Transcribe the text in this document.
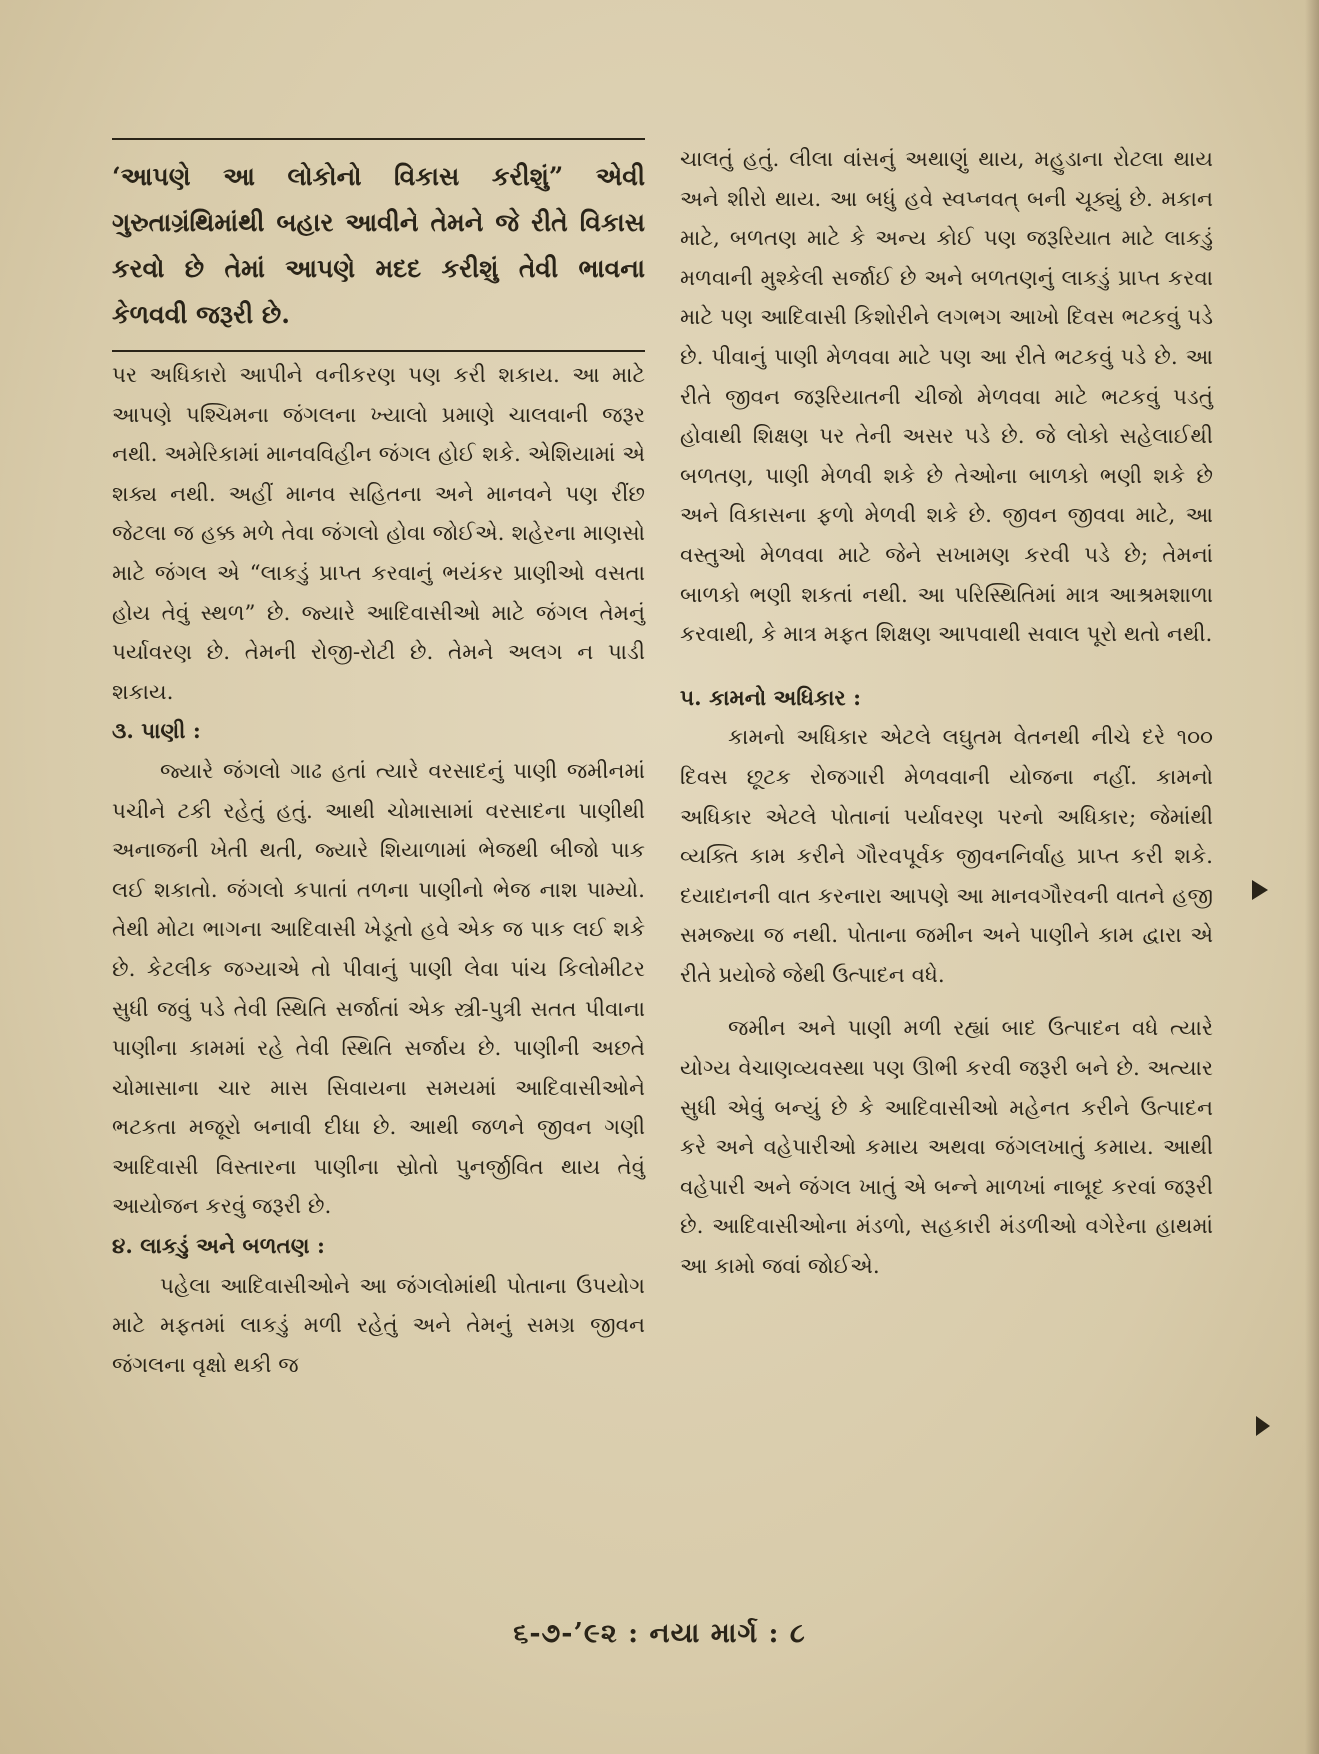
‘આપણે આ લોકોનો વિકાસ કરીશું” એવી ગુરુતાગ્રંથિમાંથી બહાર આવીને તેમને જે રીતે વિકાસ કરવો છે તેમાં આપણે મદદ કરીશું તેવી ભાવના કેળવવી જરૂરી છે.

પર અધિકારો આપીને વનીકરણ પણ કરી શકાય. આ માટે આપણે પશ્ચિમના જંગલના ખ્યાલો પ્રમાણે ચાલવાની જરૂર નથી. અમેરિકામાં માનવવિહીન જંગલ હોઈ શકે. એશિયામાં એ શક્ય નથી. અહીં માનવ સહિતના અને માનવને પણ રીંછ જેટલા જ હક્ક મળે તેવા જંગલો હોવા જોઈએ. શહેરના માણસો માટે જંગલ એ “લાકડું પ્રાપ્ત કરવાનું ભયંકર પ્રાણીઓ વસતા હોય તેવું સ્થળ” છે. જ્યારે આદિવાસીઓ માટે જંગલ તેમનું પર્યાવરણ છે. તેમની રોજી-રોટી છે. તેમને અલગ ન પાડી શકાય.

૩. પાણી :

જ્યારે જંગલો ગાઢ હતાં ત્યારે વરસાદનું પાણી જમીનમાં પચીને ટકી રહેતું હતું. આથી ચોમાસામાં વરસાદના પાણીથી અનાજની ખેતી થતી, જ્યારે શિયાળામાં ભેજથી બીજો પાક લઈ શકાતો. જંગલો કપાતાં તળના પાણીનો ભેજ નાશ પામ્યો. તેથી મોટા ભાગના આદિવાસી ખેડૂતો હવે એક જ પાક લઈ શકે છે. કેટલીક જગ્યાએ તો પીવાનું પાણી લેવા પાંચ કિલોમીટર સુધી જવું પડે તેવી સ્થિતિ સર્જાતાં એક સ્ત્રી-પુત્રી સતત પીવાના પાણીના કામમાં રહે તેવી સ્થિતિ સર્જાય છે. પાણીની અછતે ચોમાસાના ચાર માસ સિવાયના સમયમાં આદિવાસીઓને ભટકતા મજૂરો બનાવી દીધા છે. આથી જળને જીવન ગણી આદિવાસી વિસ્તારના પાણીના સ્રોતો પુનર્જીવિત થાય તેવું આયોજન કરવું જરૂરી છે.

૪. લાકડું અને બળતણ :

પહેલા આદિવાસીઓને આ જંગલોમાંથી પોતાના ઉપયોગ માટે મફતમાં લાકડું મળી રહેતું અને તેમનું સમગ્ર જીવન જંગલના વૃક્ષો થકી જ

ચાલતું હતું. લીલા વાંસનું અથાણું થાય, મહુડાના રોટલા થાય અને શીરો થાય. આ બધું હવે સ્વપ્નવત્ બની ચૂક્યું છે. મકાન માટે, બળતણ માટે કે અન્ય કોઈ પણ જરૂરિયાત માટે લાકડું મળવાની મુશ્કેલી સર્જાઈ છે અને બળતણનું લાકડું પ્રાપ્ત કરવા માટે પણ આદિવાસી કિશોરીને લગભગ આખો દિવસ ભટકવું પડે છે. પીવાનું પાણી મેળવવા માટે પણ આ રીતે ભટકવું પડે છે. આ રીતે જીવન જરૂરિયાતની ચીજો મેળવવા માટે ભટકવું પડતું હોવાથી શિક્ષણ પર તેની અસર પડે છે. જે લોકો સહેલાઈથી બળતણ, પાણી મેળવી શકે છે તેઓના બાળકો ભણી શકે છે અને વિકાસના ફળો મેળવી શકે છે. જીવન જીવવા માટે, આ વસ્તુઓ મેળવવા માટે જેને સખામણ કરવી પડે છે; તેમનાં બાળકો ભણી શકતાં નથી. આ પરિસ્થિતિમાં માત્ર આશ્રમશાળા કરવાથી, કે માત્ર મફત શિક્ષણ આપવાથી સવાલ પૂરો થતો નથી.

૫. કામનો અધિકાર :

કામનો અધિકાર એટલે લઘુતમ વેતનથી નીચે દરે ૧૦૦ દિવસ છૂટક રોજગારી મેળવવાની યોજના નહીં. કામનો અધિકાર એટલે પોતાનાં પર્યાવરણ પરનો અધિકાર; જેમાંથી વ્યક્તિ કામ કરીને ગૌરવપૂર્વક જીવનનિર્વાહ પ્રાપ્ત કરી શકે. દયાદાનની વાત કરનારા આપણે આ માનવગૌરવની વાતને હજી સમજ્યા જ નથી. પોતાના જમીન અને પાણીને કામ દ્વારા એ રીતે પ્રયોજે જેથી ઉત્પાદન વધે.

જમીન અને પાણી મળી રહ્યાં બાદ ઉત્પાદન વધે ત્યારે યોગ્ય વેચાણવ્યવસ્થા પણ ઊભી કરવી જરૂરી બને છે. અત્યાર સુધી એવું બન્યું છે કે આદિવાસીઓ મહેનત કરીને ઉત્પાદન કરે અને વહેપારીઓ કમાય અથવા જંગલખાતું કમાય. આથી વહેપારી અને જંગલ ખાતું એ બન્ને માળખાં નાબૂદ કરવાં જરૂરી છે. આદિવાસીઓના મંડળો, સહકારી મંડળીઓ વગેરેના હાથમાં આ કામો જવાં જોઈએ.

૬-૭-’૯૨ : નયા માર્ગ : ૮
